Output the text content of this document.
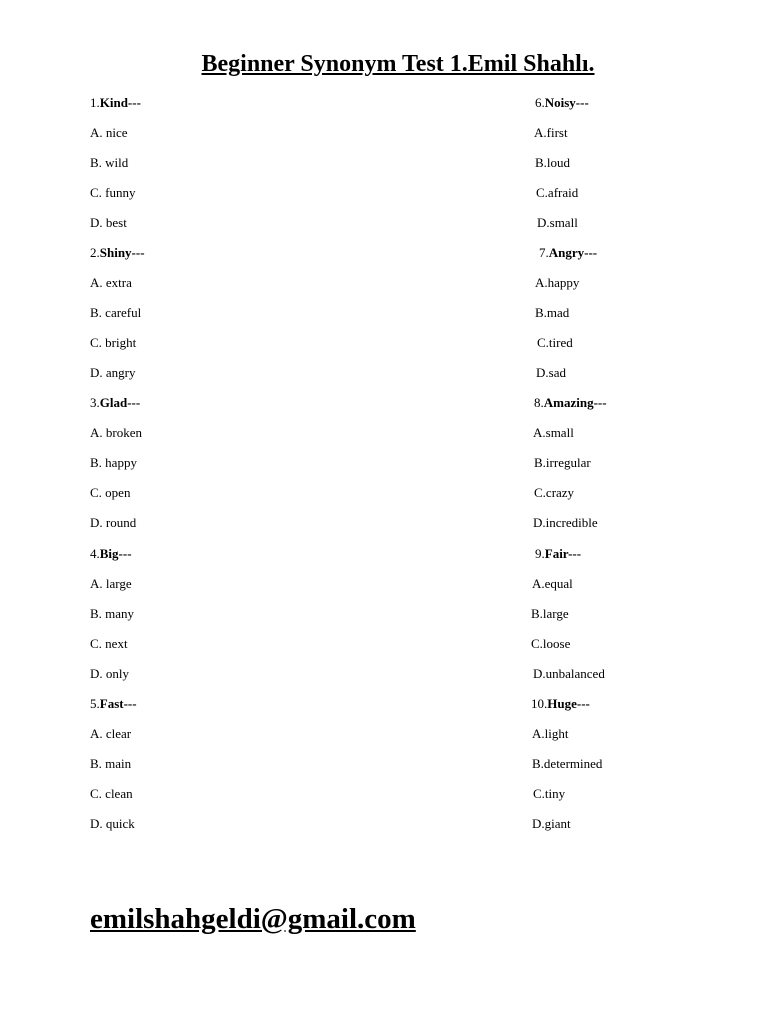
Beginner Synonym Test 1.Emil Shahlı.
1.Kind---
A. nice
B. wild
C. funny
D. best
2.Shiny---
A. extra
B. careful
C. bright
D. angry
3.Glad---
A. broken
B. happy
C. open
D. round
4.Big---
A. large
B. many
C. next
D. only
5.Fast---
A. clear
B. main
C. clean
D. quick
6.Noisy---
A.first
B.loud
C.afraid
D.small
7.Angry---
A.happy
B.mad
C.tired
D.sad
8.Amazing---
A.small
B.irregular
C.crazy
D.incredible
9.Fair---
A.equal
B.large
C.loose
D.unbalanced
10.Huge---
A.light
B.determined
C.tiny
D.giant
emilshahgeldi@gmail.com
